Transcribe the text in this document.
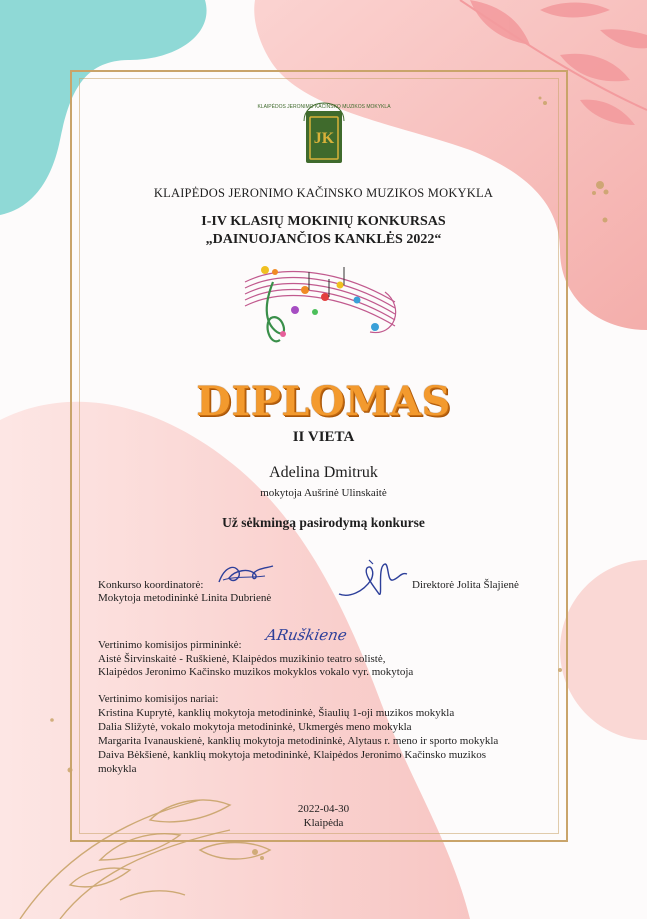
KLAIPĖDOS JERONIMO KAČINSKO MUZIKOS MOKYKLA
JK
KLAIPĖDOS JERONIMO KAČINSKO MUZIKOS MOKYKLA
I-IV KLASIŲ MOKINIŲ KONKURSAS
„DAINUOJANČIOS KANKLĖS 2022“
DIPLOMAS
II VIETA
Adelina Dmitruk
mokytoja Aušrinė Ulinskaitė
Už sėkmingą pasirodymą konkurse
Konkurso koordinatorė:
Mokytoja metodininkė Linita Dubrienė
Direktorė Jolita Šlajienė
Vertinimo komisijos pirmininkė:
ARuškiene
Aistė Širvinskaitė - Ruškienė, Klaipėdos muzikinio teatro solistė,
Klaipėdos Jeronimo Kačinsko muzikos mokyklos vokalo vyr. mokytoja
Vertinimo komisijos nariai:
Kristina Kuprytė, kanklių mokytoja metodininkė, Šiaulių 1-oji muzikos mokykla
Dalia Sližytė, vokalo mokytoja metodininkė, Ukmergės meno mokykla
Margarita Ivanauskienė, kanklių mokytoja metodininkė, Alytaus r. meno ir sporto mokykla
Daiva Bėkšienė, kanklių mokytoja metodininkė, Klaipėdos Jeronimo Kačinsko muzikos
mokykla
2022-04-30
Klaipėda
